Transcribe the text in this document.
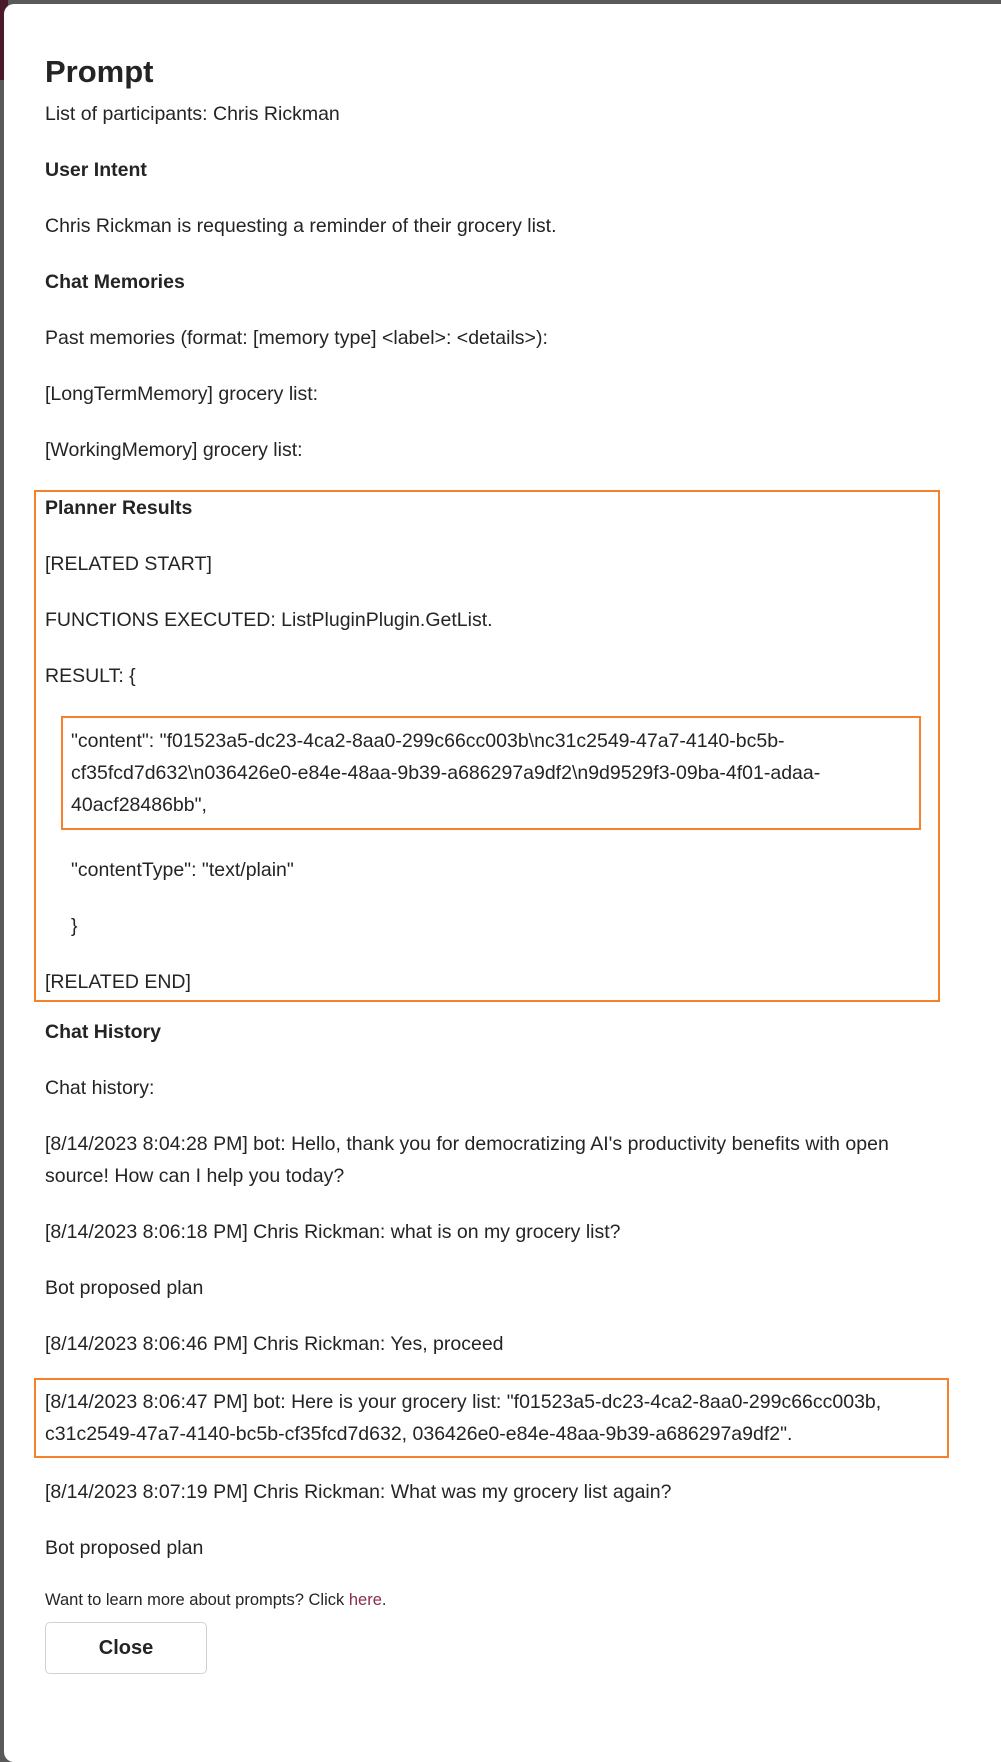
Prompt

List of participants: Chris Rickman

User Intent

Chris Rickman is requesting a reminder of their grocery list.

Chat Memories

Past memories (format: [memory type] <label>: <details>):

[LongTermMemory] grocery list:

[WorkingMemory] grocery list:

Planner Results

[RELATED START]

FUNCTIONS EXECUTED: ListPluginPlugin.GetList.

RESULT: {

"content": "f01523a5-dc23-4ca2-8aa0-299c66cc003b\nc31c2549-47a7-4140-bc5b-cf35fcd7d632\n036426e0-e84e-48aa-9b39-a686297a9df2\n9d9529f3-09ba-4f01-adaa-40acf28486bb",

"contentType": "text/plain"

}

[RELATED END]

Chat History

Chat history:

[8/14/2023 8:04:28 PM] bot: Hello, thank you for democratizing AI's productivity benefits with open source! How can I help you today?

[8/14/2023 8:06:18 PM] Chris Rickman: what is on my grocery list?

Bot proposed plan

[8/14/2023 8:06:46 PM] Chris Rickman: Yes, proceed

[8/14/2023 8:06:47 PM] bot: Here is your grocery list: "f01523a5-dc23-4ca2-8aa0-299c66cc003b, c31c2549-47a7-4140-bc5b-cf35fcd7d632, 036426e0-e84e-48aa-9b39-a686297a9df2".

[8/14/2023 8:07:19 PM] Chris Rickman: What was my grocery list again?

Bot proposed plan

Want to learn more about prompts? Click here.
Close
